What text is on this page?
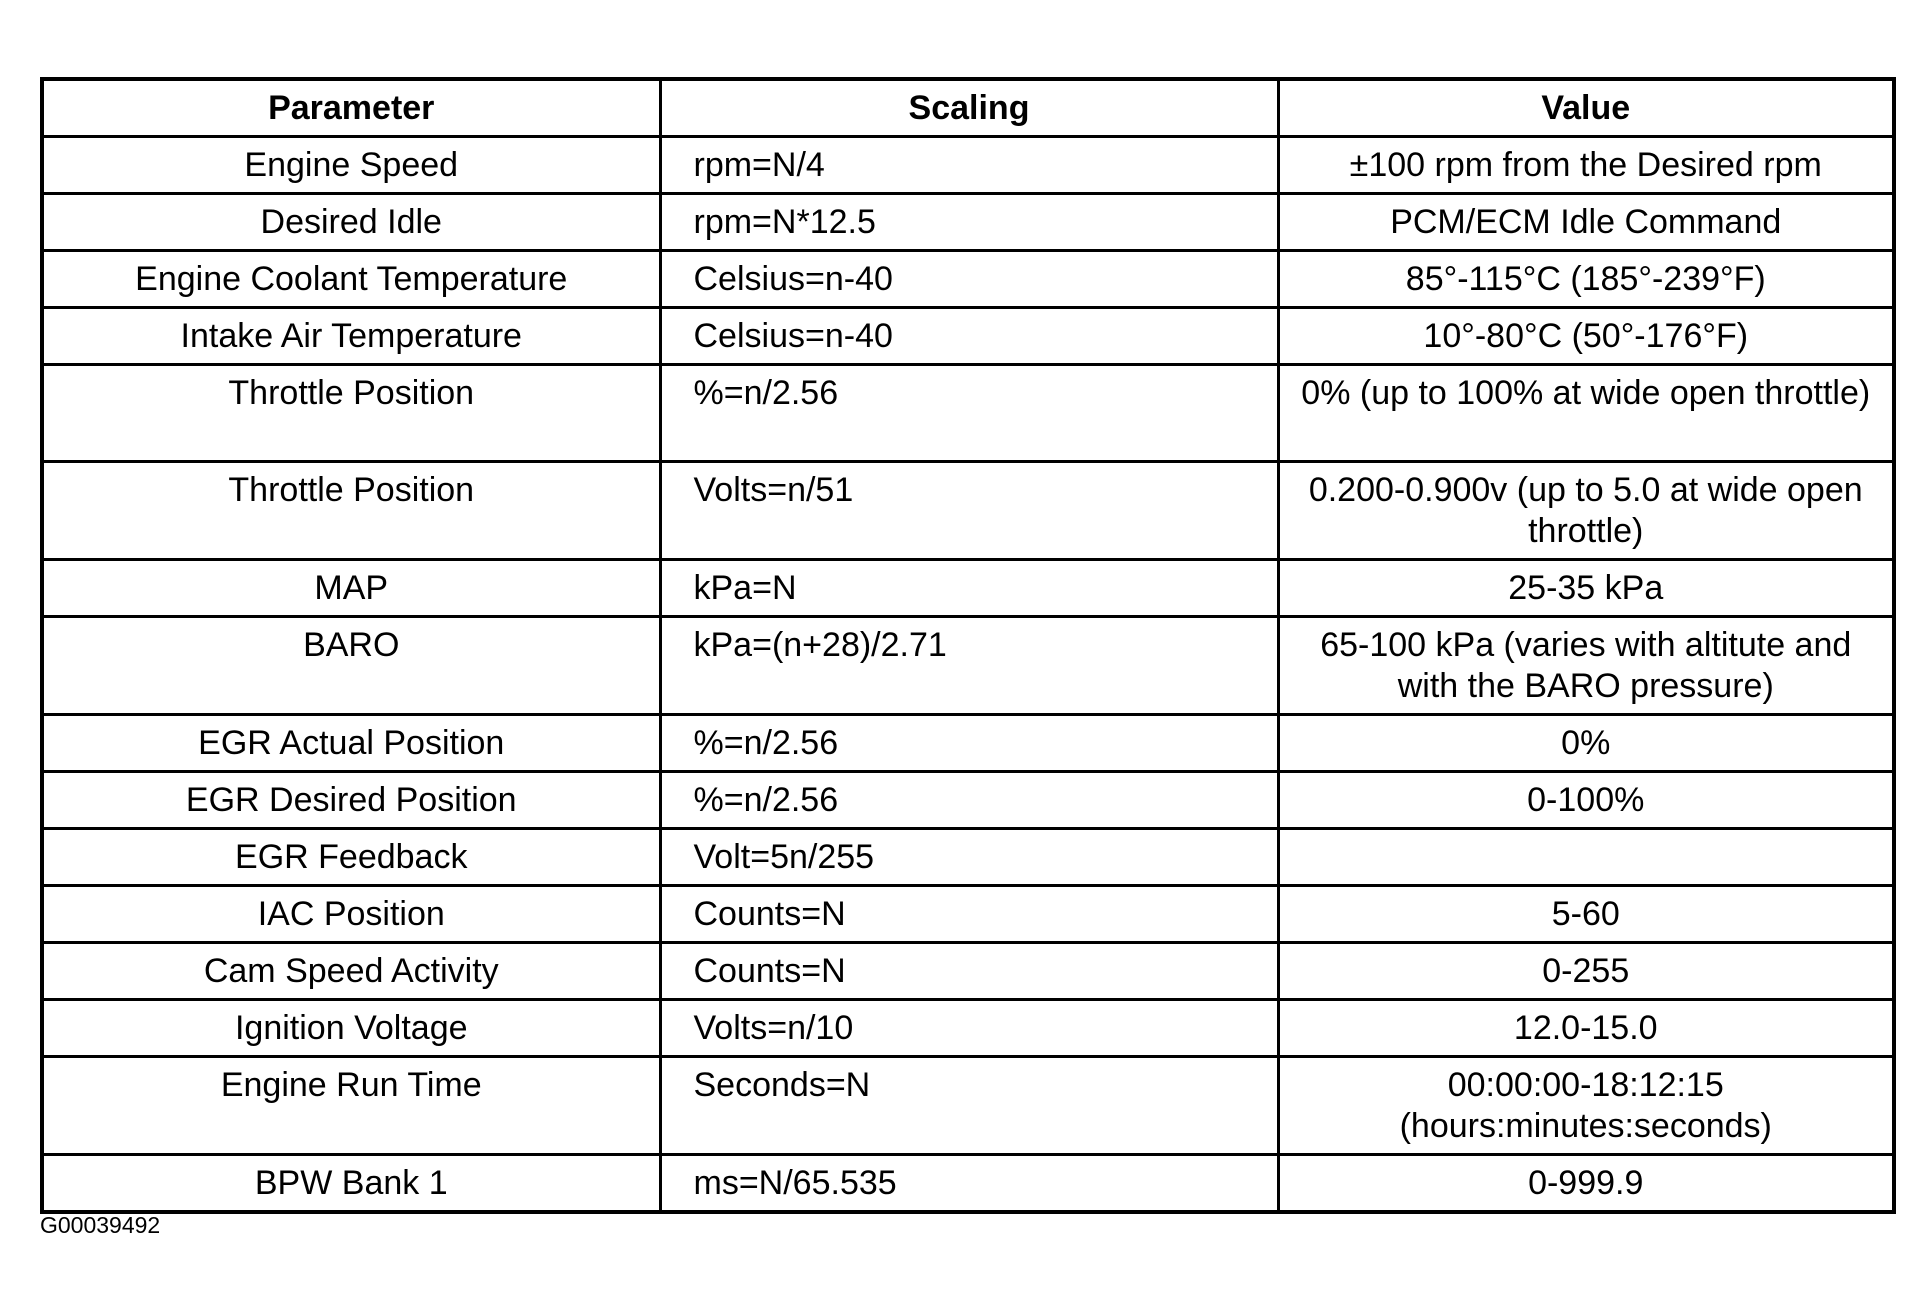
Parameter	Scaling	Value
Engine Speed	rpm=N/4	±100 rpm from the Desired rpm
Desired Idle	rpm=N*12.5	PCM/ECM Idle Command
Engine Coolant Temperature	Celsius=n-40	85°-115°C (185°-239°F)
Intake Air Temperature	Celsius=n-40	10°-80°C (50°-176°F)
Throttle Position	%=n/2.56	0% (up to 100% at wide open throttle)
Throttle Position	Volts=n/51	0.200-0.900v (up to 5.0 at wide open throttle)
MAP	kPa=N	25-35 kPa
BARO	kPa=(n+28)/2.71	65-100 kPa (varies with altitute and with the BARO pressure)
EGR Actual Position	%=n/2.56	0%
EGR Desired Position	%=n/2.56	0-100%
EGR Feedback	Volt=5n/255	
IAC Position	Counts=N	5-60
Cam Speed Activity	Counts=N	0-255
Ignition Voltage	Volts=n/10	12.0-15.0
Engine Run Time	Seconds=N	00:00:00-18:12:15 (hours:minutes:seconds)
BPW Bank 1	ms=N/65.535	0-999.9
G00039492
